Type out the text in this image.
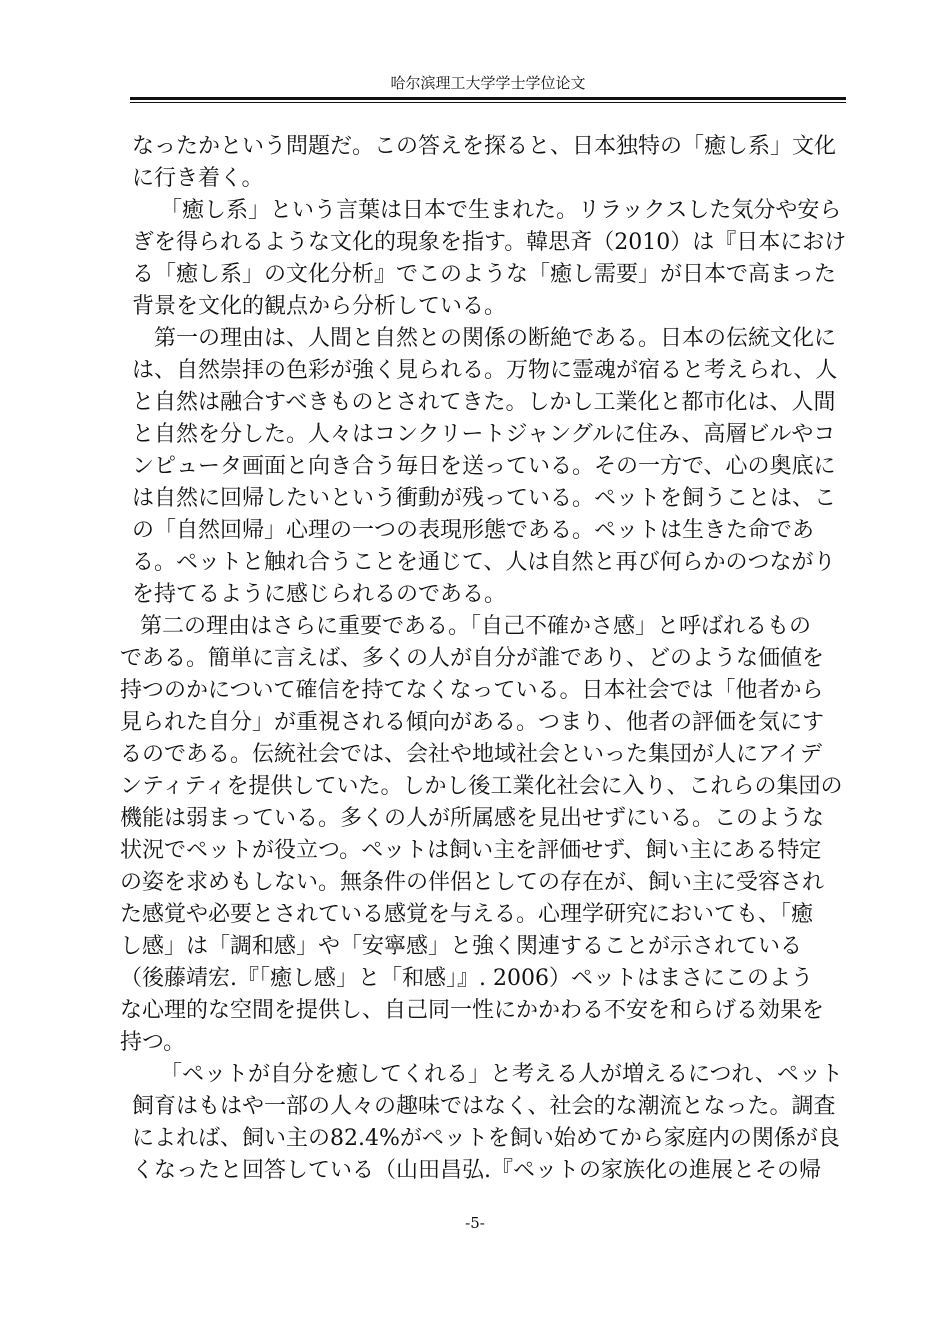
哈尔滨理工大学学士学位论文
なったかという問題だ。この答えを探ると、日本独特の「癒し系」文化
に行き着く。
「癒し系」という言葉は日本で生まれた。リラックスした気分や安ら
ぎを得られるような文化的現象を指す。韓思斉（2010）は『日本におけ
る「癒し系」の文化分析』でこのような「癒し需要」が日本で高まった
背景を文化的観点から分析している。
第一の理由は、人間と自然との関係の断絶である。日本の伝統文化に
は、自然崇拝の色彩が強く見られる。万物に霊魂が宿ると考えられ、人
と自然は融合すべきものとされてきた。しかし工業化と都市化は、人間
と自然を分した。人々はコンクリートジャングルに住み、高層ビルやコ
ンピュータ画面と向き合う毎日を送っている。その一方で、心の奥底に
は自然に回帰したいという衝動が残っている。ペットを飼うことは、こ
の「自然回帰」心理の一つの表現形態である。ペットは生きた命であ
る。ペットと触れ合うことを通じて、人は自然と再び何らかのつながり
を持てるように感じられるのである。
第二の理由はさらに重要である。「自己不確かさ感」と呼ばれるもの
である。簡単に言えば、多くの人が自分が誰であり、どのような価値を
持つのかについて確信を持てなくなっている。日本社会では「他者から
見られた自分」が重視される傾向がある。つまり、他者の評価を気にす
るのである。伝統社会では、会社や地域社会といった集団が人にアイデ
ンティティを提供していた。しかし後工業化社会に入り、これらの集団の
機能は弱まっている。多くの人が所属感を見出せずにいる。このような
状況でペットが役立つ。ペットは飼い主を評価せず、飼い主にある特定
の姿を求めもしない。無条件の伴侶としての存在が、飼い主に受容され
た感覚や必要とされている感覚を与える。心理学研究においても、「癒
し感」は「調和感」や「安寧感」と強く関連することが示されている
（後藤靖宏.『「癒し感」と「和感」』. 2006）ペットはまさにこのよう
な心理的な空間を提供し、自己同一性にかかわる不安を和らげる効果を
持つ。
「ペットが自分を癒してくれる」と考える人が増えるにつれ、ペット
飼育はもはや一部の人々の趣味ではなく、社会的な潮流となった。調査
によれば、飼い主の82.4%がペットを飼い始めてから家庭内の関係が良
くなったと回答している（山田昌弘.『ペットの家族化の進展とその帰
-5-
